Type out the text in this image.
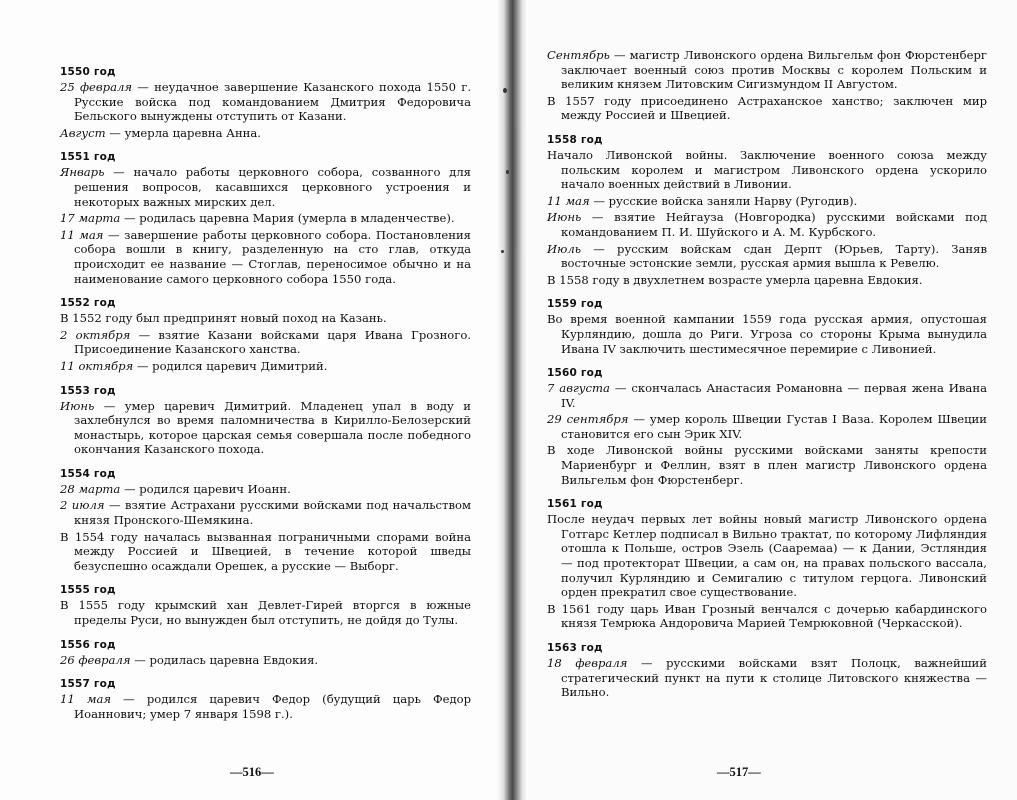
1550 год

25 февраля — неудачное завершение Казанского похода 1550 г. Русские войска под командованием Дмитрия Федоровича Бельского вынуждены отступить от Казани.

Август — умерла царевна Анна.

1551 год

Январь — начало работы церковного собора, созванного для решения вопросов, касавшихся церковного устроения и некоторых важных мирских дел.

17 марта — родилась царевна Мария (умерла в младенчестве).

11 мая — завершение работы церковного собора. Постановления собора вошли в книгу, разделенную на сто глав, откуда происходит ее название — Стоглав, переносимое обычно и на наименование самого церковного собора 1550 года.

1552 год

В 1552 году был предпринят новый поход на Казань.

2 октября — взятие Казани войсками царя Ивана Грозного. Присоединение Казанского ханства.

11 октября — родился царевич Димитрий.

1553 год

Июнь — умер царевич Димитрий. Младенец упал в воду и захлебнулся во время паломничества в Кирилло-Белозерский монастырь, которое царская семья совершала после победного окончания Казанского похода.

1554 год

28 марта — родился царевич Иоанн.

2 июля — взятие Астрахани русскими войсками под начальством князя Пронского-Шемякина.

В 1554 году началась вызванная пограничными спорами война между Россией и Швецией, в течение которой шведы безуспешно осаждали Орешек, а русские — Выборг.

1555 год

В 1555 году крымский хан Девлет-Гирей вторгся в южные пределы Руси, но вынужден был отступить, не дойдя до Тулы.

1556 год

26 февраля — родилась царевна Евдокия.

1557 год

11 мая — родился царевич Федор (будущий царь Федор Иоаннович; умер 7 января 1598 г.).

—516—

Сентябрь — магистр Ливонского ордена Вильгельм фон Фюрстенберг заключает военный союз против Москвы с королем Польским и великим князем Литовским Сигизмундом II Августом.

В 1557 году присоединено Астраханское ханство; заключен мир между Россией и Швецией.

1558 год

Начало Ливонской войны. Заключение военного союза между польским королем и магистром Ливонского ордена ускорило начало военных действий в Ливонии.

11 мая — русские войска заняли Нарву (Ругодив).

Июнь — взятие Нейгауза (Новгородка) русскими войсками под командованием П. И. Шуйского и А. М. Курбского.

Июль — русским войскам сдан Дерпт (Юрьев, Тарту). Заняв восточные эстонские земли, русская армия вышла к Ревелю.

В 1558 году в двухлетнем возрасте умерла царевна Евдокия.

1559 год

Во время военной кампании 1559 года русская армия, опустошая Курляндию, дошла до Риги. Угроза со стороны Крыма вынудила Ивана IV заключить шестимесячное перемирие с Ливонией.

1560 год

7 августа — скончалась Анастасия Романовна — первая жена Ивана IV.

29 сентября — умер король Швеции Густав I Ваза. Королем Швеции становится его сын Эрик XIV.

В ходе Ливонской войны русскими войсками заняты крепости Мариенбург и Феллин, взят в плен магистр Ливонского ордена Вильгельм фон Фюрстенберг.

1561 год

После неудач первых лет войны новый магистр Ливонского ордена Готгарс Кетлер подписал в Вильно трактат, по которому Лифляндия отошла к Польше, остров Эзель (Сааремаа) — к Дании, Эстляндия — под протекторат Швеции, а сам он, на правах польского вассала, получил Курляндию и Семигалию с титулом герцога. Ливонский орден прекратил свое существование.

В 1561 году царь Иван Грозный венчался с дочерью кабардинского князя Темрюка Андоровича Марией Темрюковной (Черкасской).

1563 год

18 февраля — русскими войсками взят Полоцк, важнейший стратегический пункт на пути к столице Литовского княжества — Вильно.

—517—
